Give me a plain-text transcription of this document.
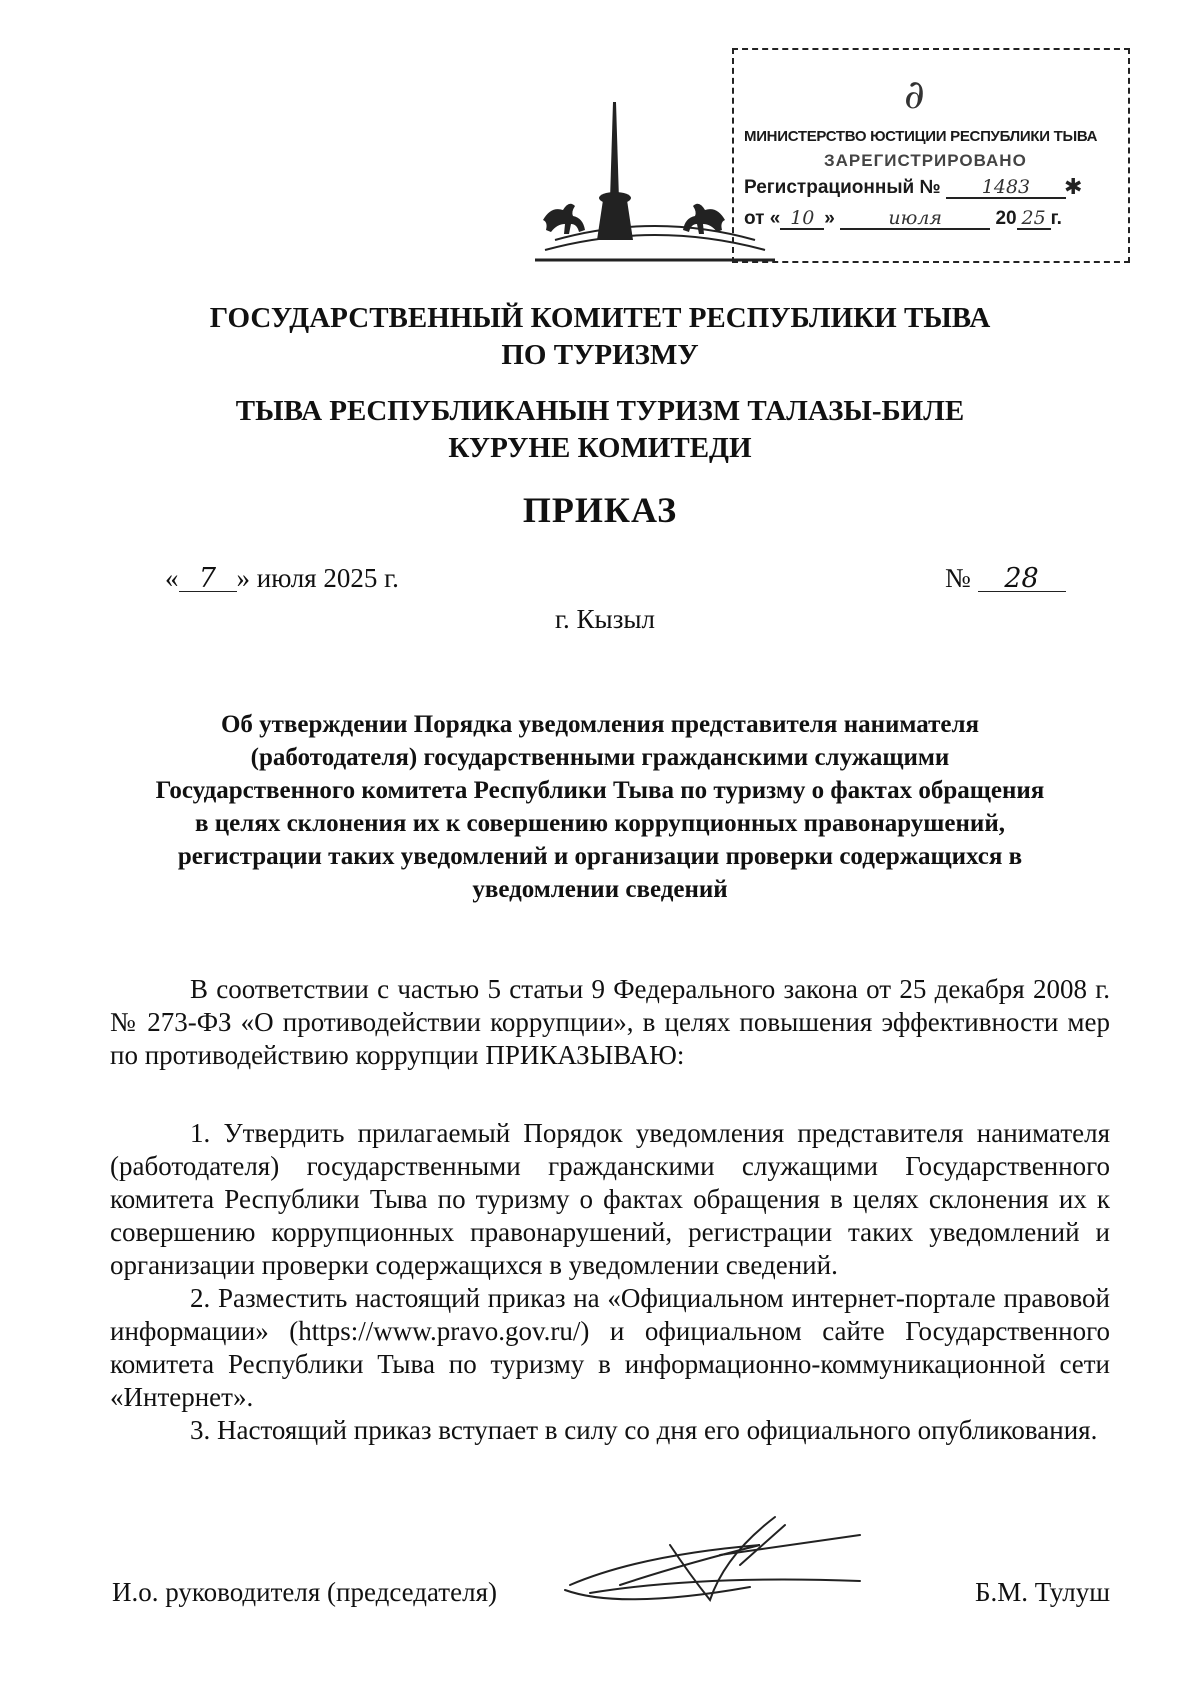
∂
МИНИСТЕРСТВО ЮСТИЦИИ РЕСПУБЛИКИ ТЫВА
ЗАРЕГИСТРИРОВАНО
Регистрационный № 1483
от « 10 »	июля	20 25 г.
✱
ГОСУДАРСТВЕННЫЙ КОМИТЕТ РЕСПУБЛИКИ ТЫВА
ПО ТУРИЗМУ
ТЫВА РЕСПУБЛИКАНЫН ТУРИЗМ ТАЛАЗЫ-БИЛЕ
КУРУНЕ КОМИТЕДИ
ПРИКАЗ
« 7 » июля 2025 г.	№ 28
г. Кызыл
Об утверждении Порядка уведомления представителя нанимателя
(работодателя) государственными гражданскими служащими
Государственного комитета Республики Тыва по туризму о фактах обращения
в целях склонения их к совершению коррупционных правонарушений,
регистрации таких уведомлений и организации проверки содержащихся в
уведомлении сведений
В соответствии с частью 5 статьи 9 Федерального закона от 25 декабря 2008 г. № 273-ФЗ «О противодействии коррупции», в целях повышения эффективности мер по противодействию коррупции ПРИКАЗЫВАЮ:

1. Утвердить прилагаемый Порядок уведомления представителя нанимателя (работодателя) государственными гражданскими служащими Государственного комитета Республики Тыва по туризму о фактах обращения в целях склонения их к совершению коррупционных правонарушений, регистрации таких уведомлений и организации проверки содержащихся в уведомлении сведений.

2. Разместить настоящий приказ на «Официальном интернет-портале правовой информации» (https://www.pravo.gov.ru/) и официальном сайте Государственного комитета Республики Тыва по туризму в информационно-коммуникационной сети «Интернет».

3. Настоящий приказ вступает в силу со дня его официального опубликования.

И.о. руководителя (председателя)	Б.М. Тулуш
